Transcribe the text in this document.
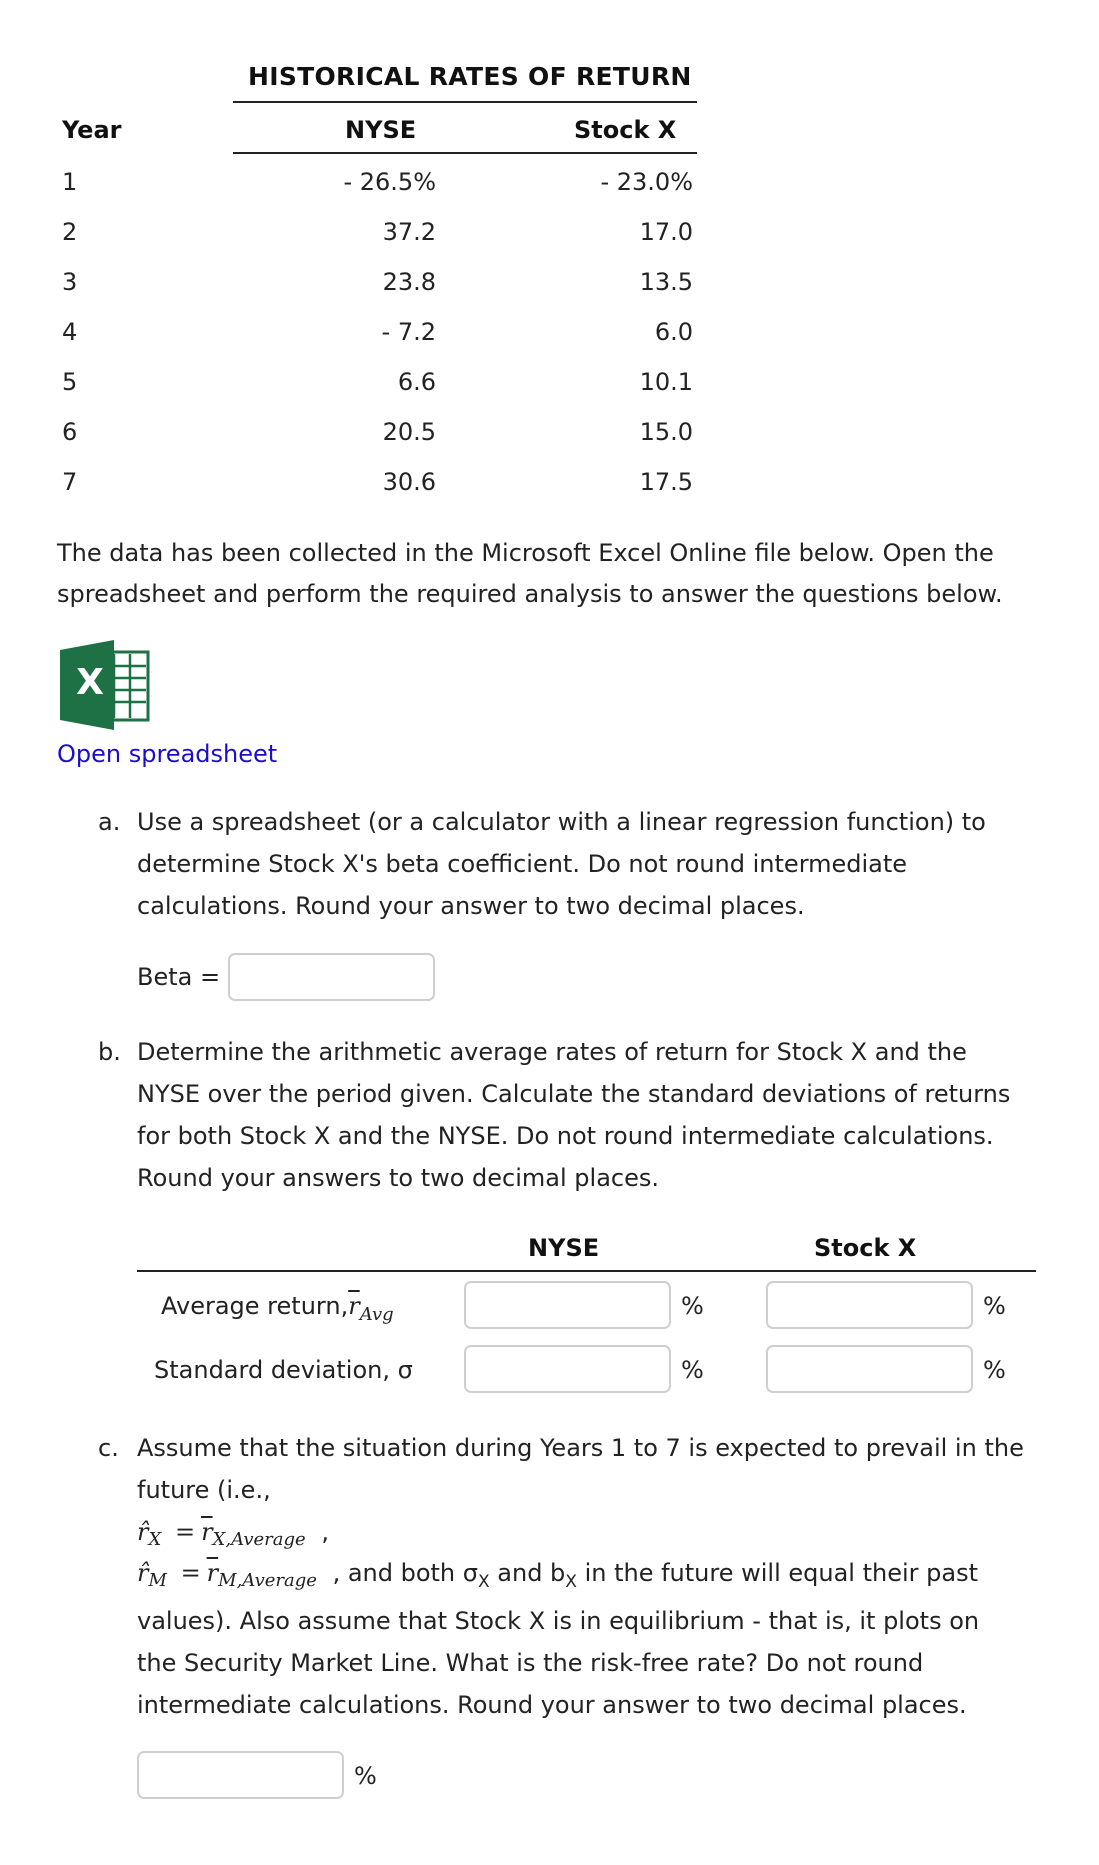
HISTORICAL RATES OF RETURN
Year	NYSE	Stock X
1	- 26.5%	- 23.0%
2	37.2	17.0
3	23.8	13.5
4	- 7.2	6.0
5	6.6	10.1
6	20.5	15.0
7	30.6	17.5
The data has been collected in the Microsoft Excel Online file below. Open the
spreadsheet and perform the required analysis to answer the questions below.
X
Open spreadsheet
a. Use a spreadsheet (or a calculator with a linear regression function) to
determine Stock X's beta coefficient. Do not round intermediate
calculations. Round your answer to two decimal places.
Beta =
b. Determine the arithmetic average rates of return for Stock X and the
NYSE over the period given. Calculate the standard deviations of returns
for both Stock X and the NYSE. Do not round intermediate calculations.
Round your answers to two decimal places.
NYSE	Stock X
Average $return,\overline{r}_{Avg}$	%	%
Standard deviation, σ	%	%
c. Assume that the situation during Years 1 to 7 is expected to prevail in the
future (i.e.,
$r̂_X = \overline{r}_{X,Average}$ ,
$r̂_M = \overline{r}_{M,Average}$ , and both $\sigma_X$ and $b_X$ in the future will equal their past
values). Also assume that Stock X is in equilibrium - that is, it plots on
the Security Market Line. What is the risk-free rate? Do not round
intermediate calculations. Round your answer to two decimal places.
%
